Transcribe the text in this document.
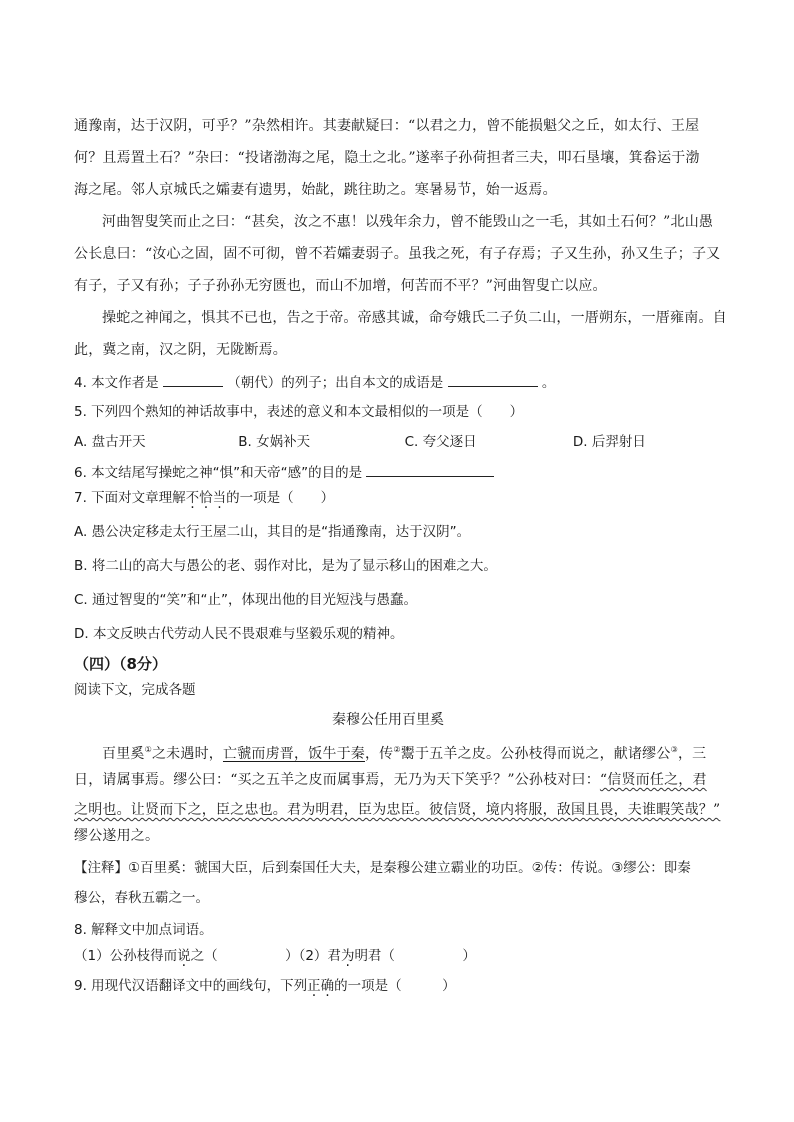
通豫南，达于汉阴，可乎？”杂然相许。其妻献疑曰：“以君之力，曾不能损魁父之丘，如太行、王屋
何？且焉置土石？”杂曰：“投诸渤海之尾，隐土之北。”遂率子孙荷担者三夫，叩石垦壤，箕畚运于渤
海之尾。邻人京城氏之孀妻有遗男，始龀，跳往助之。寒暑易节，始一返焉。
河曲智叟笑而止之曰：“甚矣，汝之不惠！以残年余力，曾不能毁山之一毛，其如土石何？”北山愚
公长息曰：“汝心之固，固不可彻，曾不若孀妻弱子。虽我之死，有子存焉；子又生孙，孙又生子；子又
有子，子又有孙；子子孙孙无穷匮也，而山不加增，何苦而不平？”河曲智叟亡以应。
操蛇之神闻之，惧其不已也，告之于帝。帝感其诚，命夸娥氏二子负二山，一厝朔东，一厝雍南。自
此，冀之南，汉之阴，无陇断焉。
4. 本文作者是	（朝代）的列子；出自本文的成语是	。
5. 下列四个熟知的神话故事中，表述的意义和本文最相似的一项是（　　）
A. 盘古开天	B. 女娲补天	C. 夸父逐日	D. 后羿射日
6. 本文结尾写操蛇之神“惧”和天帝“感”的目的是
7. 下面对文章理解不恰当的一项是（　　）
A. 愚公决定移走太行王屋二山，其目的是“指通豫南，达于汉阴”。
B. 将二山的高大与愚公的老、弱作对比，是为了显示移山的困难之大。
C. 通过智叟的“笑”和“止”，体现出他的目光短浅与愚蠢。
D. 本文反映古代劳动人民不畏艰难与坚毅乐观的精神。
（四）（8分）
阅读下文，完成各题
秦穆公任用百里奚
百里奚①之未遇时，亡虢而虏晋，饭牛于秦，传②鬻于五羊之皮。公孙枝得而说之，献诸缪公③，三
日，请属事焉。缪公曰：“买之五羊之皮而属事焉，无乃为天下笑乎？”公孙枝对曰：“信贤而任之，君
之明也。让贤而下之，臣之忠也。君为明君，臣为忠臣。彼信贤，境内将服，敌国且畏，夫谁暇笑哉？”
缪公遂用之。
【注释】①百里奚：虢国大臣，后到秦国任大夫，是秦穆公建立霸业的功臣。②传：传说。③缪公：即秦
穆公，春秋五霸之一。
8. 解释文中加点词语。
（1）公孙枝得而说之（　　　　　）（2）君为明君（　　　　　）
9. 用现代汉语翻译文中的画线句，下列正确的一项是（　　　）
